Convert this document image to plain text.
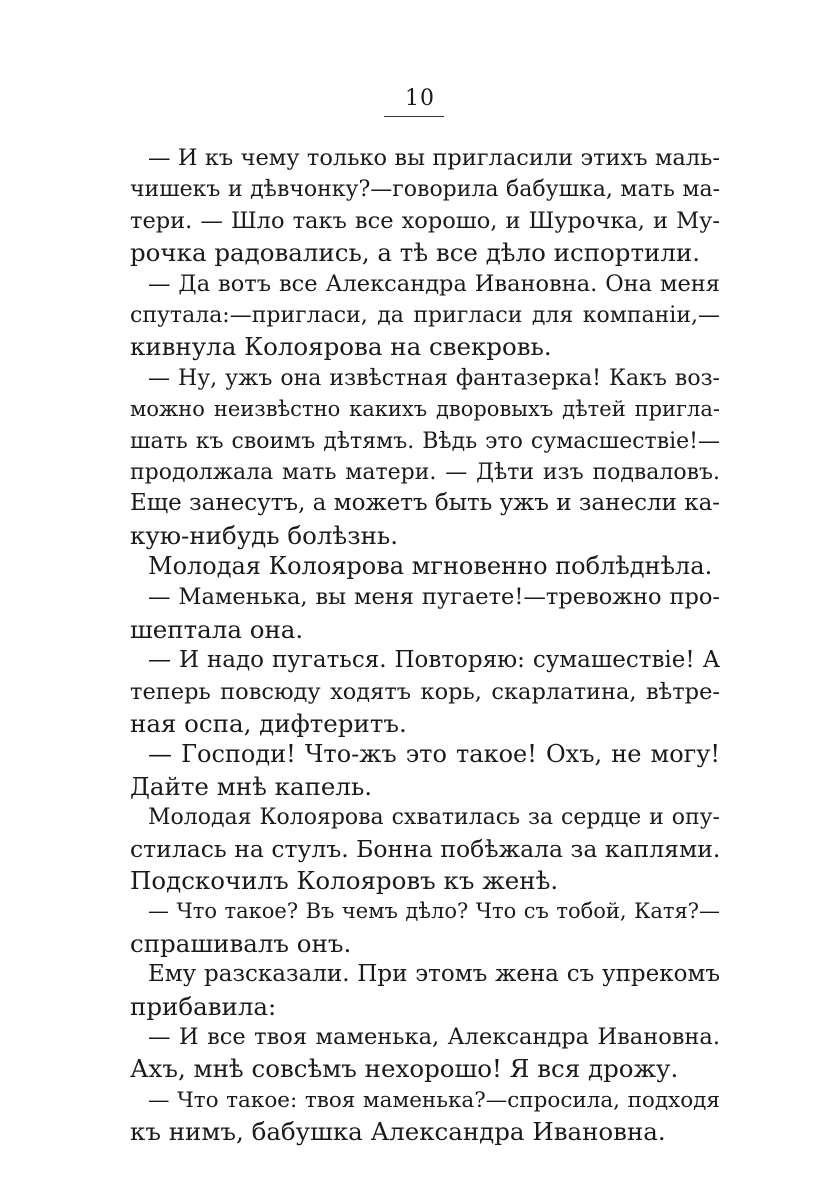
10
— И къ чему только вы пригласили этихъ маль-
чишекъ и дѣвчонку?—говорила бабушка, мать ма-
тери. — Шло такъ все хорошо, и Шурочка, и Му-
рочка радовались, а тѣ все дѣло испортили.
— Да вотъ все Александра Ивановна. Она меня
спутала:—пригласи, да пригласи для компаніи,—
кивнула Колоярова на свекровь.
— Ну, ужъ она извѣстная фантазерка! Какъ воз-
можно неизвѣстно какихъ дворовыхъ дѣтей пригла-
шать къ своимъ дѣтямъ. Вѣдь это сумасшествіе!—
продолжала мать матери. — Дѣти изъ подваловъ.
Еще занесутъ, а можетъ быть ужъ и занесли ка-
кую-нибудь болѣзнь.
Молодая Колоярова мгновенно поблѣднѣла.
— Маменька, вы меня пугаете!—тревожно про-
шептала она.
— И надо пугаться. Повторяю: сумашествіе! А
теперь повсюду ходятъ корь, скарлатина, вѣтре-
ная оспа, дифтеритъ.
— Господи! Что-жъ это такое! Охъ, не могу!
Дайте мнѣ капель.
Молодая Колоярова схватилась за сердце и опу-
стилась на стулъ. Бонна побѣжала за каплями.
Подскочилъ Колояровъ къ женѣ.
— Что такое? Въ чемъ дѣло? Что съ тобой, Катя?—
спрашивалъ онъ.
Ему разсказали. При этомъ жена съ упрекомъ
прибавила:
— И все твоя маменька, Александра Ивановна.
Ахъ, мнѣ совсѣмъ нехорошо! Я вся дрожу.
— Что такое: твоя маменька?—спросила, подходя
къ нимъ, бабушка Александра Ивановна.
